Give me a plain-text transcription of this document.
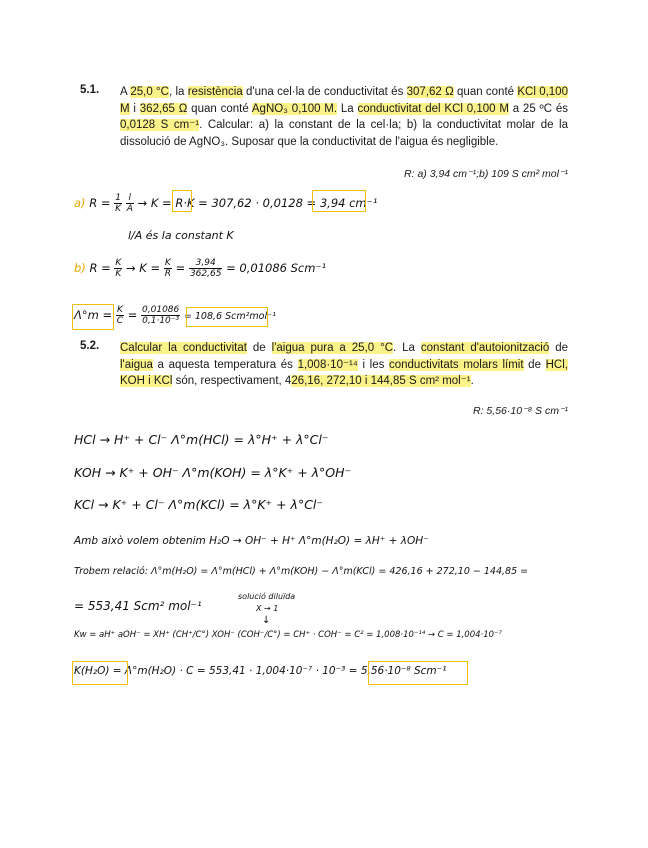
5.1. A 25,0 °C, la resistència d'una cel·la de conductivitat és 307,62 Ω quan conté KCl 0,100 M i 362,65 Ω quan conté AgNO₃ 0,100 M. La conductivitat del KCl 0,100 M a 25 ºC és 0,0128 S cm⁻¹. Calcular: a) la constant de la cel·la; b) la conductivitat molar de la dissolució de AgNO₃. Suposar que la conductivitat de l'aigua és negligible.
R: a) 3,94 cm⁻¹;b) 109 S cm² mol⁻¹
a) $R = \frac{1}{K}$
$\frac{l}{A} \to K = R\cdot K = 307,62 \cdot 0,0128 = 3,94$ cm⁻¹
l/A és la constant K
b) $R = \frac{K}{K} \to K = \frac{K}{R} = \frac{3,94}{362,65} = 0,01086$ Scm⁻¹
$\Lambda^\circ m = \frac{K}{C} = \frac{0,01086}{\text{0,1·10⁻³}} = 108,6$ Scm²mol⁻¹
5.2. Calcular la conductivitat de l'aigua pura a 25,0 °C. La constant d'autoionització de l'aigua a aquesta temperatura és 1,008·10⁻¹⁴ i les conductivitats molars límit de HCl, KOH i KCl són, respectivament, 426,16, 272,10 i 144,85 S cm² mol⁻¹.
R: 5,56·10⁻⁸ S cm⁻¹
HCl → H⁺ + Cl⁻ Λ°m(HCl) = λ°H⁺ + λ°Cl⁻
KOH → K⁺ + OH⁻ Λ°m(KOH) = λ°K⁺ + λ°OH⁻
KCl → K⁺ + Cl⁻ Λ°m(KCl) = λ°K⁺ + λ°Cl⁻
Amb això volem obtenim H₂O → OH⁻ + H⁺ Λ°m(H₂O) = λH⁺ + λOH⁻
Trobem relació: Λ°m(H₂O) = Λ°m(HCl) + Λ°m(KOH) − Λ°m(KCl) = 426,16 + 272,10 − 144,85 =
= 553,41 Scm² mol⁻¹
solució diluïda
X → 1
↓
Kw = aH⁺ aOH⁻ = XH⁺ (CH⁺/C°) XOH⁻ (COH⁻/C°) = CH⁺ · COH⁻ = C² = 1,008·10⁻¹⁴ → C = 1,004·10⁻⁷
K(H₂O) = Λ°m(H₂O) · C = 553,41 · 1,004·10⁻⁷ · 10⁻³ = 5,56·10⁻⁸ Scm⁻¹
